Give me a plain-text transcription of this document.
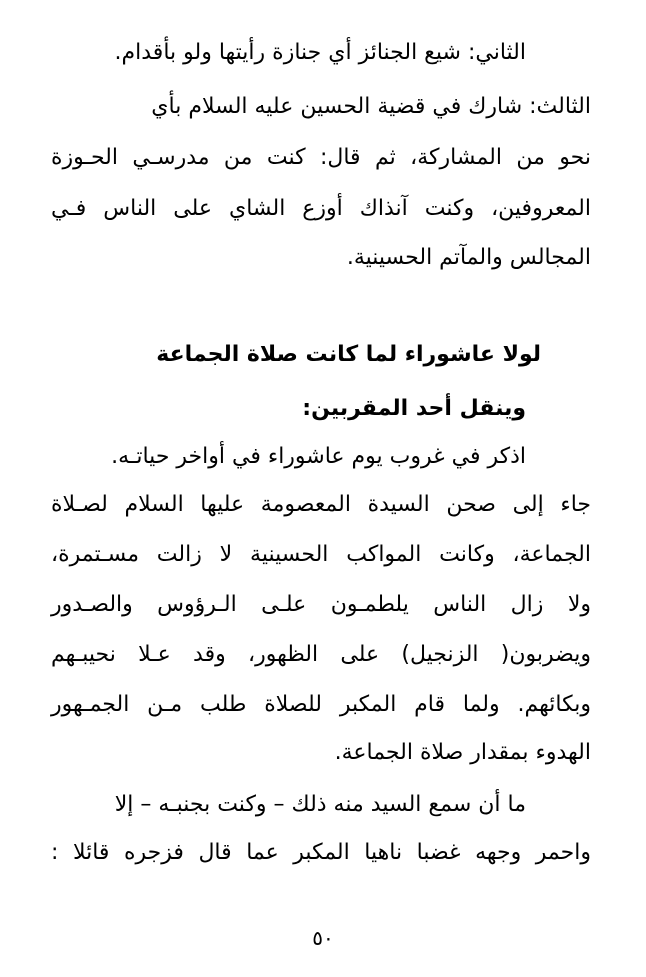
الثاني: شيع الجنائز أي جنازة رأيتها ولو بأقدام.
الثالث: شارك في قضية الحسين عليه السلام بأي
نحو من المشاركة، ثم قال: كنت من مدرسـي الحـوزة
المعروفين، وكنت آنذاك أوزع الشاي على الناس فـي
المجالس والمآتم الحسينية.
لولا عاشوراء لما كانت صلاة الجماعة
وينقل أحد المقربين:
اذكر في غروب يوم عاشوراء في أواخر حياتـه.
جاء إلى صحن السيدة المعصومة عليها السلام لصـلاة
الجماعة، وكانت المواكب الحسينية لا زالت مسـتمرة،
ولا زال الناس يلطمـون علـى الـرؤوس والصـدور
ويضربون( الزنجيل) على الظهور، وقد عـلا نحيبـهم
وبكائهم. ولما قام المكبر للصلاة طلب مـن الجمـهور
الهدوء بمقدار صلاة الجماعة.
ما أن سمع السيد منه ذلك – وكنت بجنبـه – إلا
واحمر وجهه غضبا ناهيا المكبر عما قال فزجره قائلا :
٥٠
